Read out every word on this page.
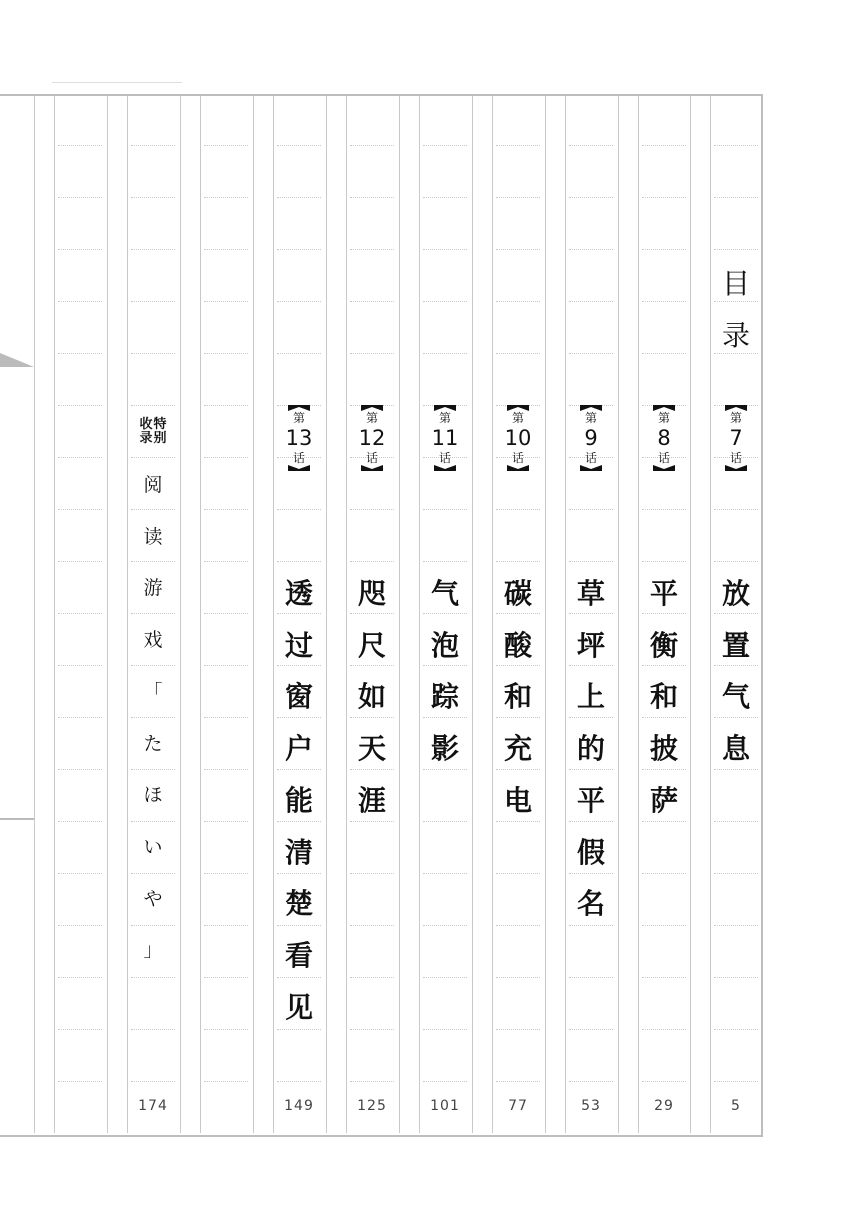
目
录
第
7
话
放
置
气
息
5
第
8
话
平
衡
和
披
萨
29
第
9
话
草
坪
上
的
平
假
名
53
第
10
话
碳
酸
和
充
电
77
第
11
话
气
泡
踪
影
101
第
12
话
咫
尺
如
天
涯
125
第
13
话
透
过
窗
户
能
清
楚
看
见
149
收
录
特
别
阅
读
游
戏
「
た
ほ
い
や
」
174
